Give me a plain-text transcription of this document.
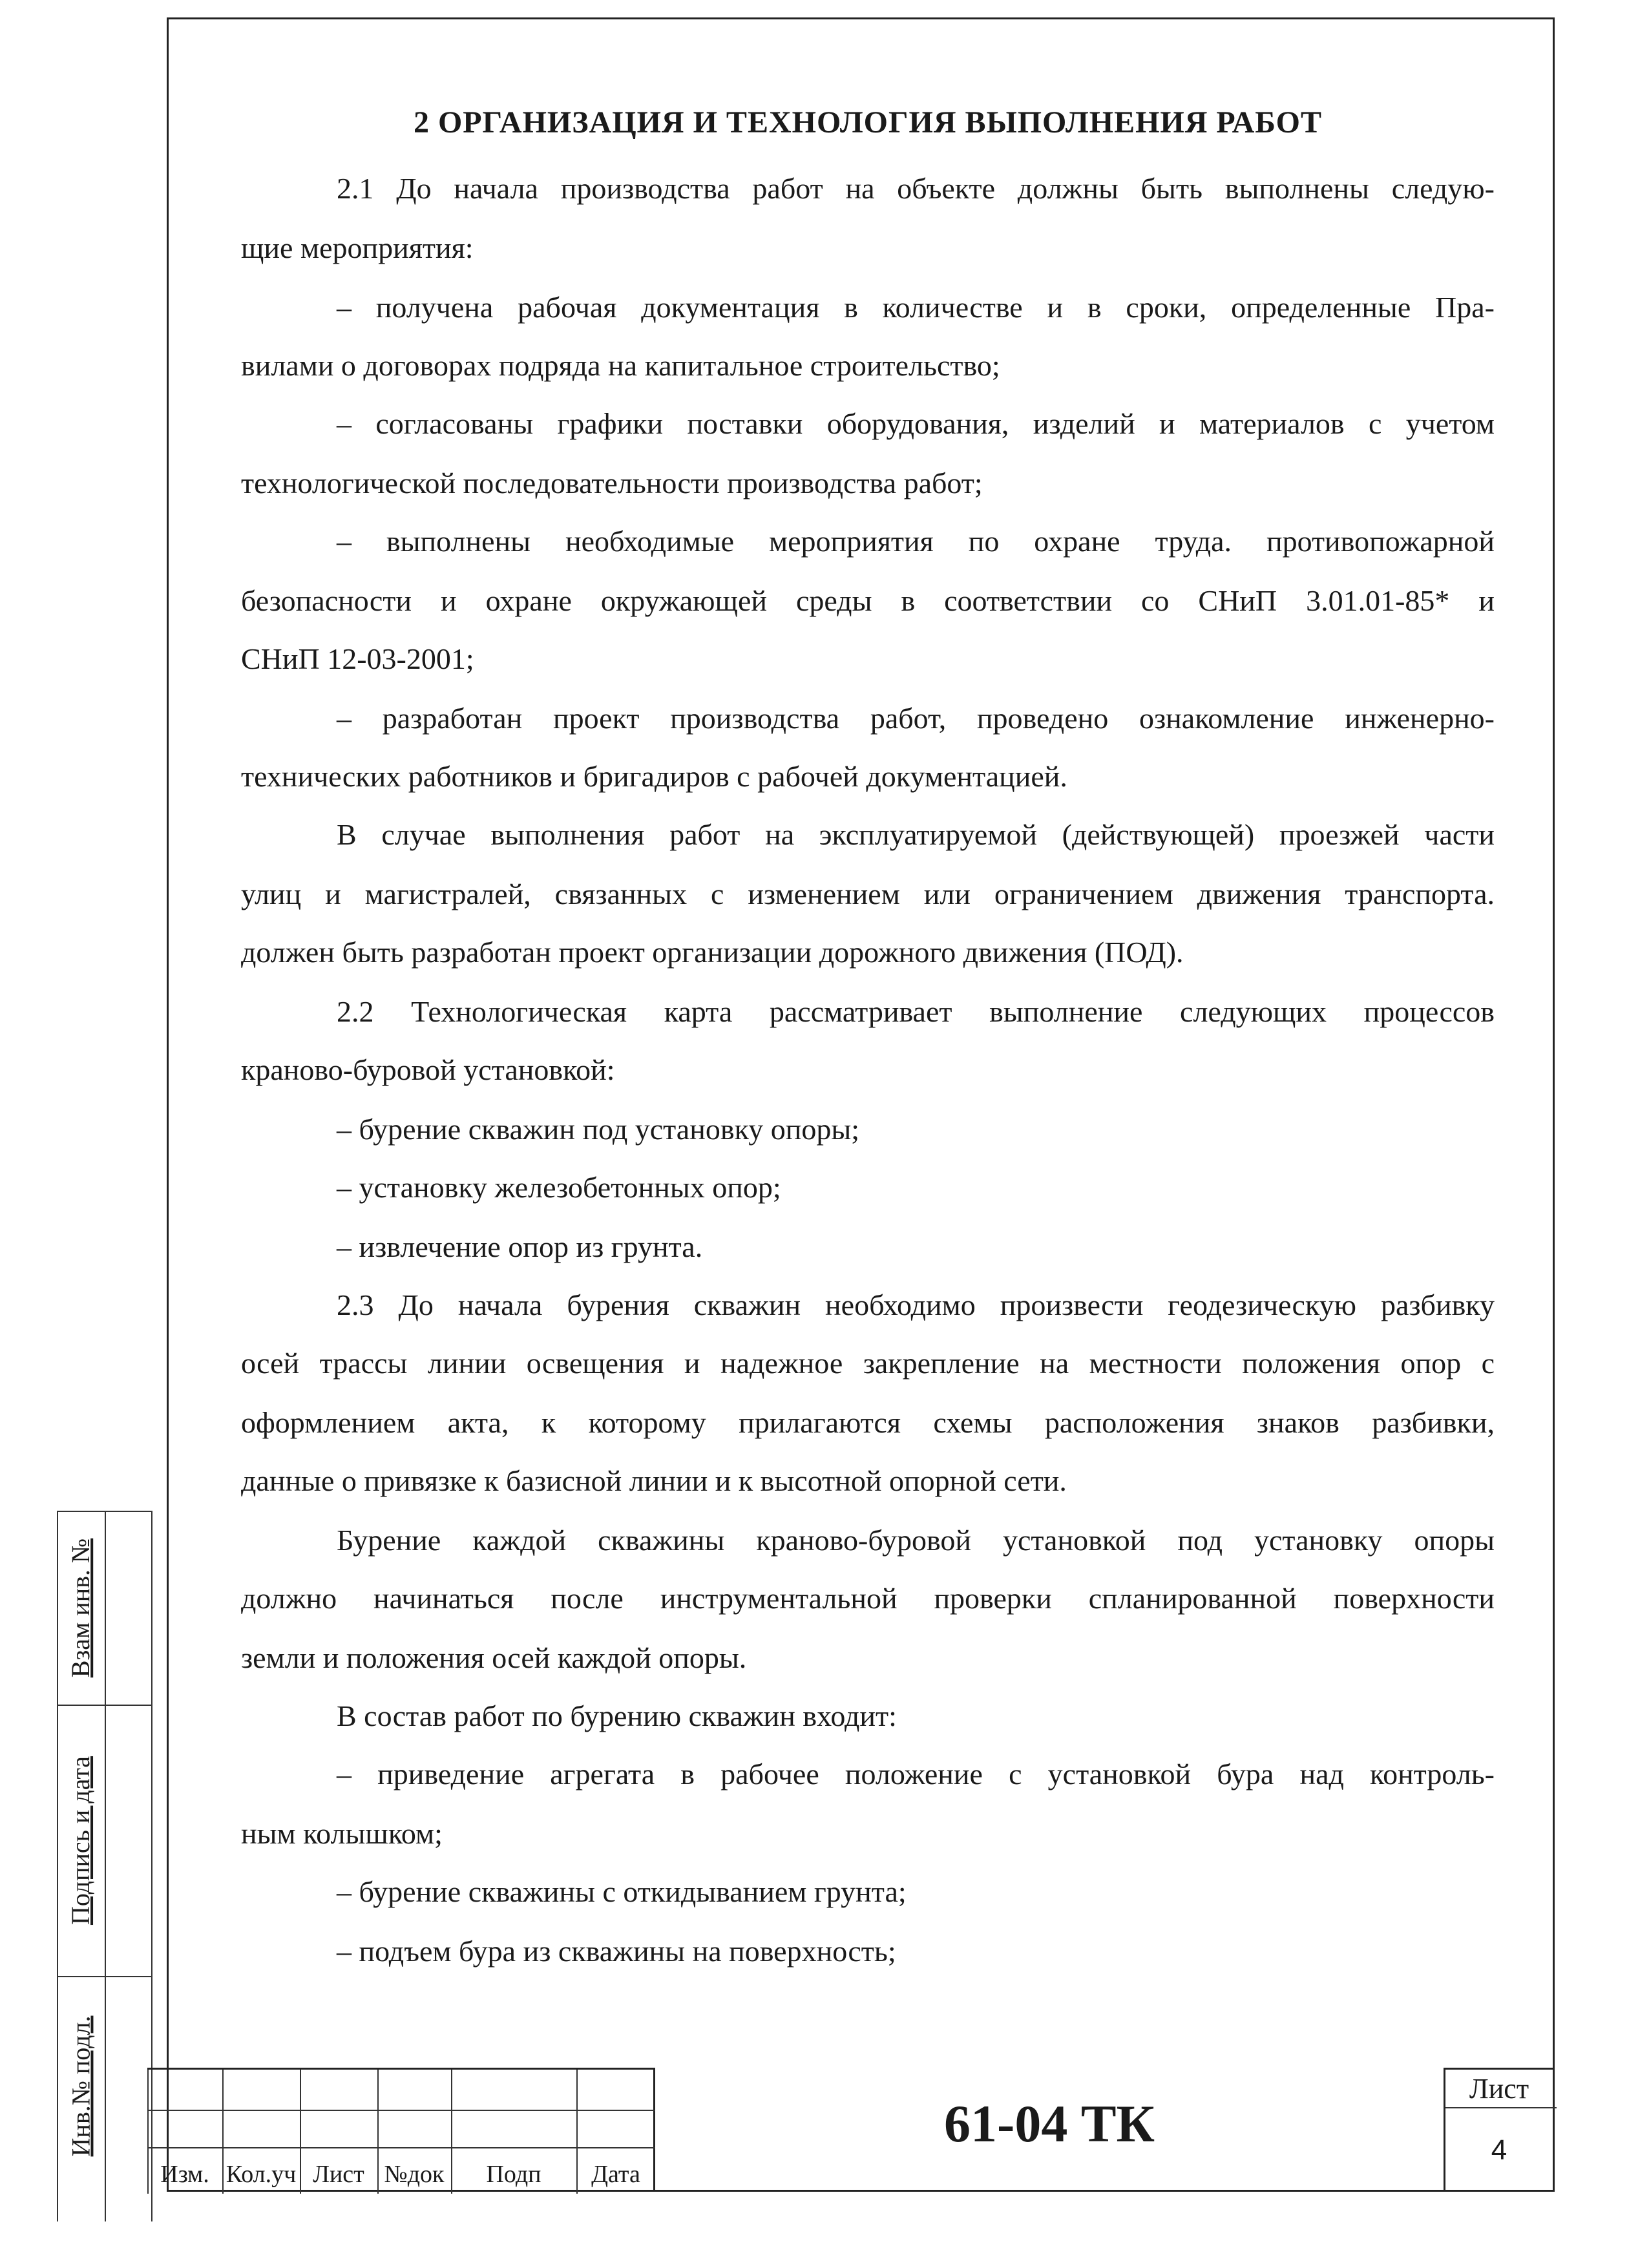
Взам инв. №
Подпись и дата
Инв.№ подл.
2 ОРГАНИЗАЦИЯ И ТЕХНОЛОГИЯ ВЫПОЛНЕНИЯ РАБОТ
2.1 До начала производства работ на объекте должны быть выполнены следую-
щие мероприятия:
– получена рабочая документация в количестве и в сроки, определенные Пра-
вилами о договорах подряда на капитальное строительство;
– согласованы графики поставки оборудования, изделий и материалов с учетом
технологической последовательности производства работ;
– выполнены необходимые мероприятия по охране труда. противопожарной
безопасности и охране окружающей среды в соответствии со СНиП 3.01.01-85* и
СНиП 12-03-2001;
– разработан проект производства работ, проведено ознакомление инженерно-
технических работников и бригадиров с рабочей документацией.
В случае выполнения работ на эксплуатируемой (действующей) проезжей части
улиц и магистралей, связанных с изменением или ограничением движения транспорта.
должен быть разработан проект организации дорожного движения (ПОД).
2.2 Технологическая карта рассматривает выполнение следующих процессов
краново-буровой установкой:
– бурение скважин под установку опоры;
– установку железобетонных опор;
– извлечение опор из грунта.
2.3 До начала бурения скважин необходимо произвести геодезическую разбивку
осей трассы линии освещения и надежное закрепление на местности положения опор с
оформлением акта, к которому прилагаются схемы расположения знаков разбивки,
данные о привязке к базисной линии и к высотной опорной сети.
Бурение каждой скважины краново-буровой установкой под установку опоры
должно начинаться после инструментальной проверки спланированной поверхности
земли и положения осей каждой опоры.
В состав работ по бурению скважин входит:
– приведение агрегата в рабочее положение с установкой бура над контроль-
ным колышком;
– бурение скважины с откидыванием грунта;
– подъем бура из скважины на поверхность;
Изм. Кол.уч Лист №док	Подп	Дата
61-04 ТК
Лист
4
